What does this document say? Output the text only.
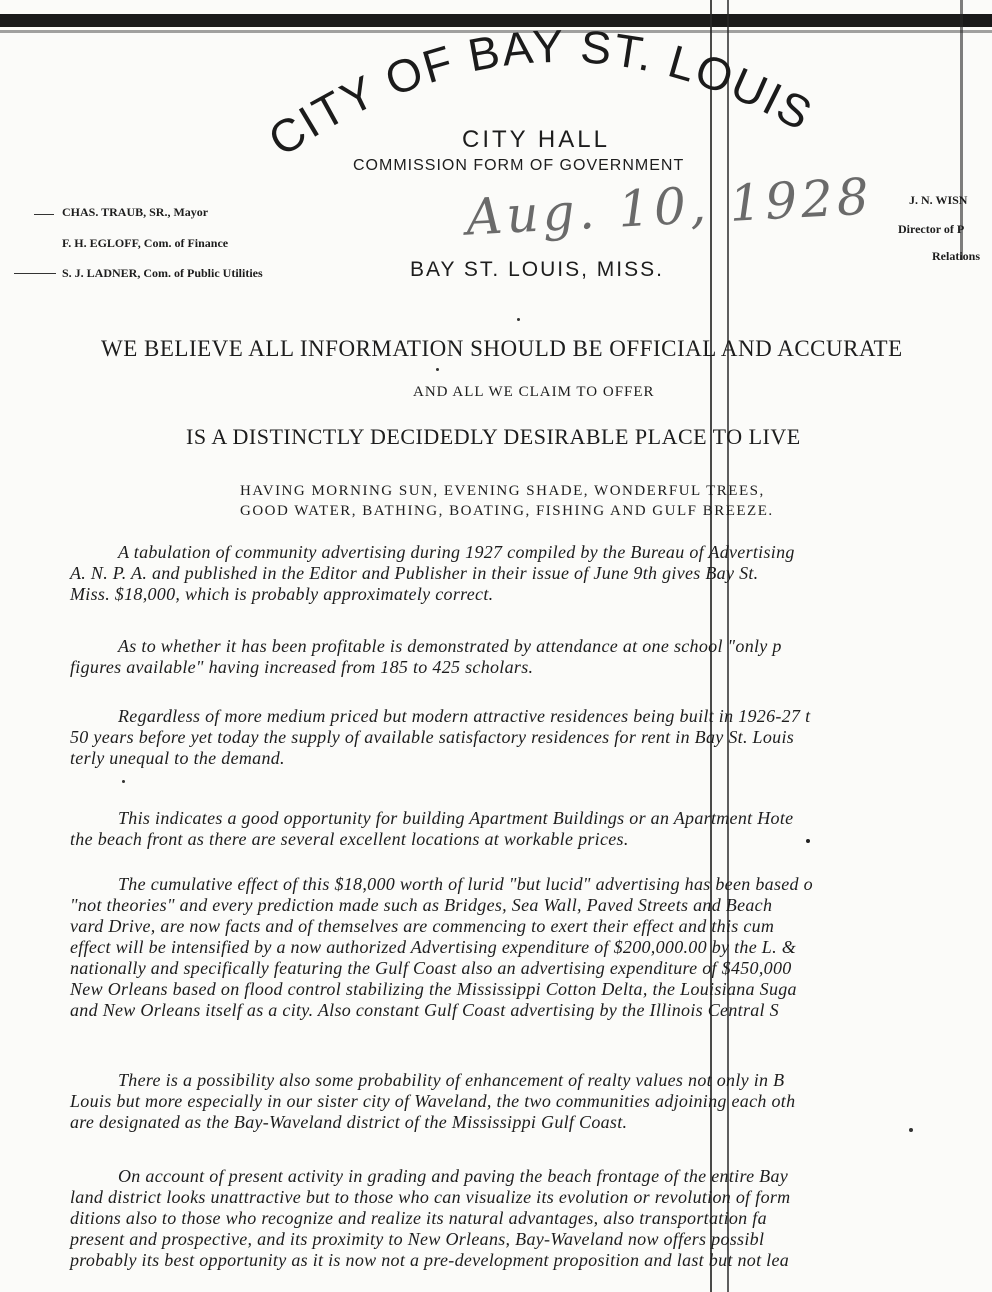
CITY OF BAY ST. LOUIS
CITY HALL
COMMISSION FORM OF GOVERNMENT
CHAS. TRAUB, SR., Mayor
F. H. EGLOFF, Com. of Finance
S. J. LADNER, Com. of Public Utilities
J. N. WISN
Director of P
Relations
Aug. 10, 1928
BAY ST. LOUIS, MISS.
WE BELIEVE ALL INFORMATION SHOULD BE OFFICIAL AND ACCURATE
AND ALL WE CLAIM TO OFFER
IS A DISTINCTLY DECIDEDLY DESIRABLE PLACE TO LIVE
HAVING MORNING SUN, EVENING SHADE, WONDERFUL TREES,
GOOD WATER, BATHING, BOATING, FISHING AND GULF BREEZE.
A tabulation of community advertising during 1927 compiled by the Bureau of Advertising
A. N. P. A. and published in the Editor and Publisher in their issue of June 9th gives Bay St.
Miss. $18,000, which is probably approximately correct.
As to whether it has been profitable is demonstrated by attendance at one school "only p
figures available" having increased from 185 to 425 scholars.
Regardless of more medium priced but modern attractive residences being built in 1926-27 t
50 years before yet today the supply of available satisfactory residences for rent in Bay St. Louis
terly unequal to the demand.
This indicates a good opportunity for building Apartment Buildings or an Apartment Hote
the beach front as there are several excellent locations at workable prices.
The cumulative effect of this $18,000 worth of lurid "but lucid" advertising has been based o
"not theories" and every prediction made such as Bridges, Sea Wall, Paved Streets and Beach
vard Drive, are now facts and of themselves are commencing to exert their effect and this cum
effect will be intensified by a now authorized Advertising expenditure of $200,000.00 by the L. &
nationally and specifically featuring the Gulf Coast also an advertising expenditure of $450,000
New Orleans based on flood control stabilizing the Mississippi Cotton Delta, the Louisiana Suga
and New Orleans itself as a city. Also constant Gulf Coast advertising by the Illinois Central S
There is a possibility also some probability of enhancement of realty values not only in B
Louis but more especially in our sister city of Waveland, the two communities adjoining each oth
are designated as the Bay-Waveland district of the Mississippi Gulf Coast.
On account of present activity in grading and paving the beach frontage of the entire Bay
land district looks unattractive but to those who can visualize its evolution or revolution of form
ditions also to those who recognize and realize its natural advantages, also transportation fa
present and prospective, and its proximity to New Orleans, Bay-Waveland now offers possibl
probably its best opportunity as it is now not a pre-development proposition and last but not lea
